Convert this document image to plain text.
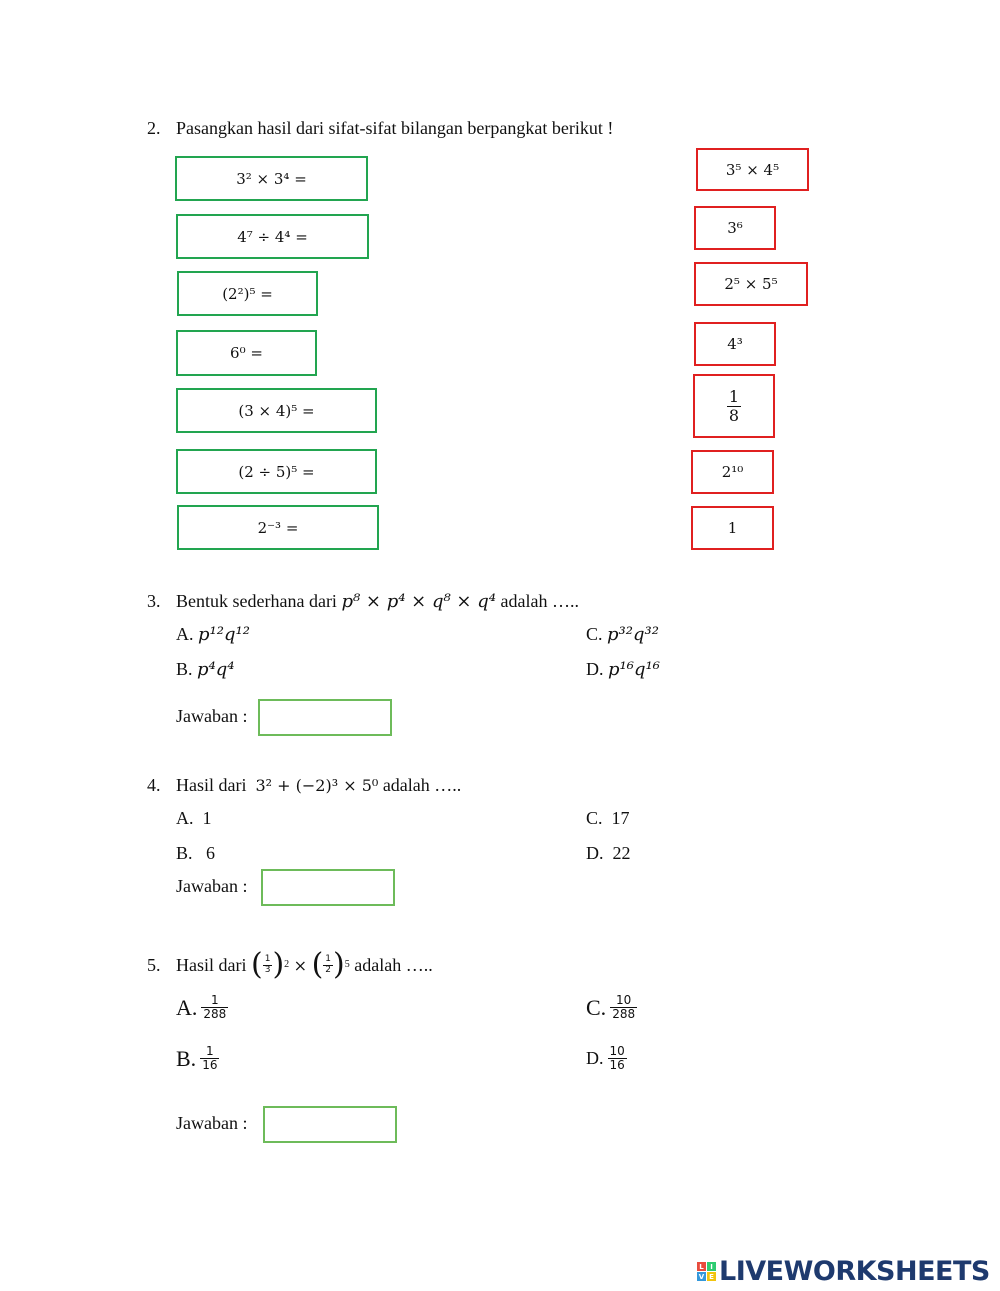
2. Pasangkan hasil dari sifat-sifat bilangan berpangkat berikut !
3² × 3⁴ =
4⁷ ÷ 4⁴ =
(2²)⁵ =
6⁰ =
(3 × 4)⁵ =
(2 ÷ 5)⁵ =
2⁻³ =
3⁵ × 4⁵
3⁶
2⁵ × 5⁵
4³
$\frac{1}{8}$
2¹⁰
1
3. Bentuk sederhana dari p⁸ × p⁴ × q⁸ × q⁴ adalah …..
A. p¹²q¹²	C. p³²q³²
B. p⁴q⁴	D. p¹⁶q¹⁶
Jawaban :
4. Hasil dari 3² + (−2)³ × 5⁰ adalah …..
A. 1	C. 17
B. 6	D. 22
Jawaban :
5. Hasil dari
( $\frac{1}{3}$ ) 2
×
( $\frac{1}{2}$ ) 5
adalah …..
A.
$\frac{1}{288}$	C.
$\frac{10}{288}$
B.
$\frac{1}{16}$	D.
$\frac{10}{16}$
Jawaban :
L I
V E LIVEWORKSHEETS
